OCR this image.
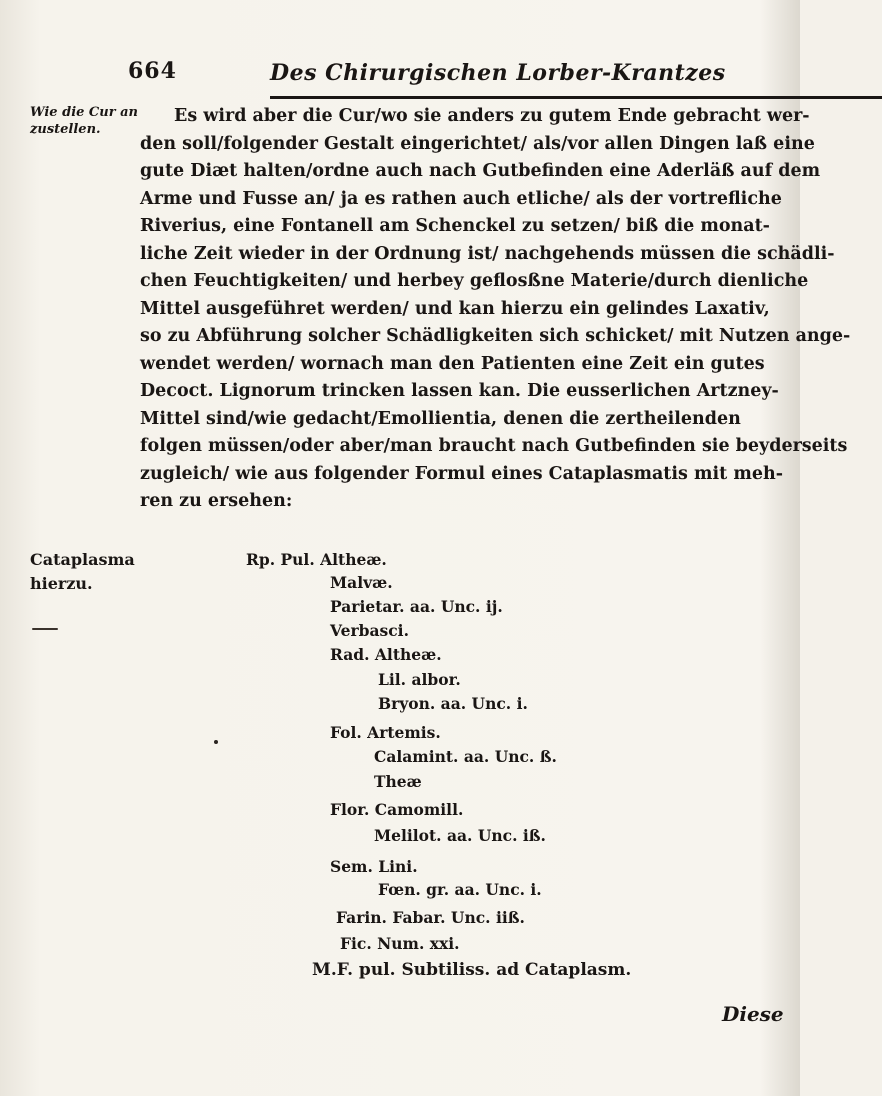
664	Des Chirurgischen Lorber-Krantzes
Wie die Cur an zustellen.
Cataplasma hierzu.
Es wird aber die Cur/wo sie anders zu gutem Ende gebracht wer-
den soll/folgender Gestalt eingerichtet/ als/vor allen Dingen laß eine
gute Diæt halten/ordne auch nach Gutbefinden eine Aderläß auf dem
Arme und Fusse an/ ja es rathen auch etliche/ als der vortrefliche
Riverius, eine Fontanell am Schenckel zu setzen/ biß die monat-
liche Zeit wieder in der Ordnung ist/ nachgehends müssen die schädli-
chen Feuchtigkeiten/ und herbey geflosßne Materie/durch dienliche
Mittel ausgeführet werden/ und kan hierzu ein gelindes Laxativ,
so zu Abführung solcher Schädligkeiten sich schicket/ mit Nutzen ange-
wendet werden/ wornach man den Patienten eine Zeit ein gutes
Decoct. Lignorum trincken lassen kan. Die eusserlichen Artzney-
Mittel sind/wie gedacht/Emollientia, denen die zertheilenden
folgen müssen/oder aber/man braucht nach Gutbefinden sie beyderseits
zugleich/ wie aus folgender Formul eines Cataplasmatis mit meh-
ren zu ersehen:
Rp. Pul. Altheæ.
Malvæ.
Parietar. aa. Unc. ij.
Verbasci.
Rad. Altheæ.
Lil. albor.
Bryon. aa. Unc. i.
Fol. Artemis.
Calamint. aa. Unc. ß.
Theæ
Flor. Camomill.
Melilot. aa. Unc. iß.
Sem. Lini.
Fœn. gr. aa. Unc. i.
Farin. Fabar. Unc. iiß.
Fic. Num. xxi.
M.F. pul. Subtiliss. ad Cataplasm.
Diese
